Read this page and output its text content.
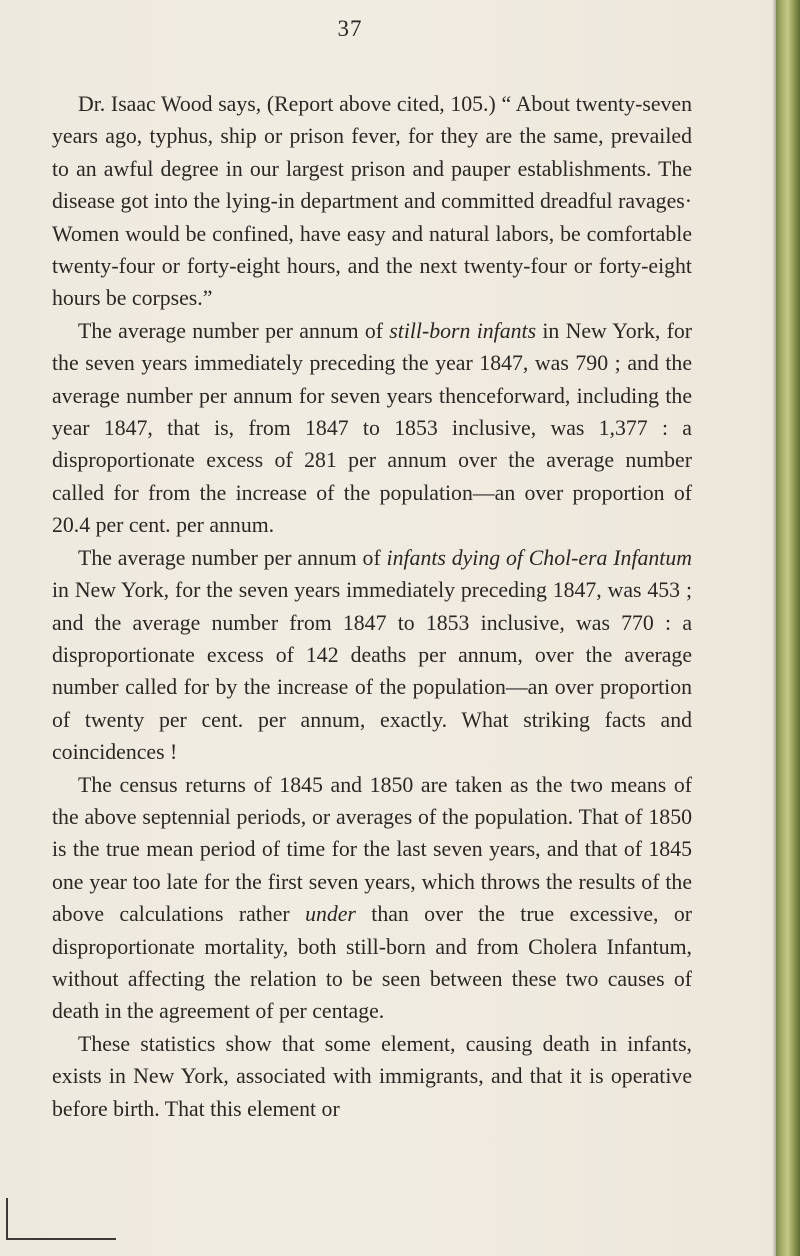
37

Dr. Isaac Wood says, (Report above cited, 105.) “ About twenty-seven years ago, typhus, ship or prison fever, for they are the same, prevailed to an awful degree in our largest prison and pauper establishments. The disease got into the lying-in department and committed dreadful ravages· Women would be confined, have easy and natural labors, be comfortable twenty-four or forty-eight hours, and the next twenty-four or forty-eight hours be corpses.”

The average number per annum of still-born infants in New York, for the seven years immediately preceding the year 1847, was 790 ; and the average number per annum for seven years thenceforward, including the year 1847, that is, from 1847 to 1853 inclusive, was 1,377 : a disproportionate excess of 281 per annum over the average number called for from the increase of the population—an over proportion of 20.4 per cent. per annum.

The average number per annum of infants dying of Chol-era Infantum in New York, for the seven years immediately preceding 1847, was 453 ; and the average number from 1847 to 1853 inclusive, was 770 : a disproportionate excess of 142 deaths per annum, over the average number called for by the increase of the population—an over proportion of twenty per cent. per annum, exactly. What striking facts and coincidences !

The census returns of 1845 and 1850 are taken as the two means of the above septennial periods, or averages of the population. That of 1850 is the true mean period of time for the last seven years, and that of 1845 one year too late for the first seven years, which throws the results of the above calculations rather under than over the true excessive, or disproportionate mortality, both still-born and from Cholera Infantum, without affecting the relation to be seen between these two causes of death in the agreement of per centage.

These statistics show that some element, causing death in infants, exists in New York, associated with immigrants, and that it is operative before birth. That this element or
